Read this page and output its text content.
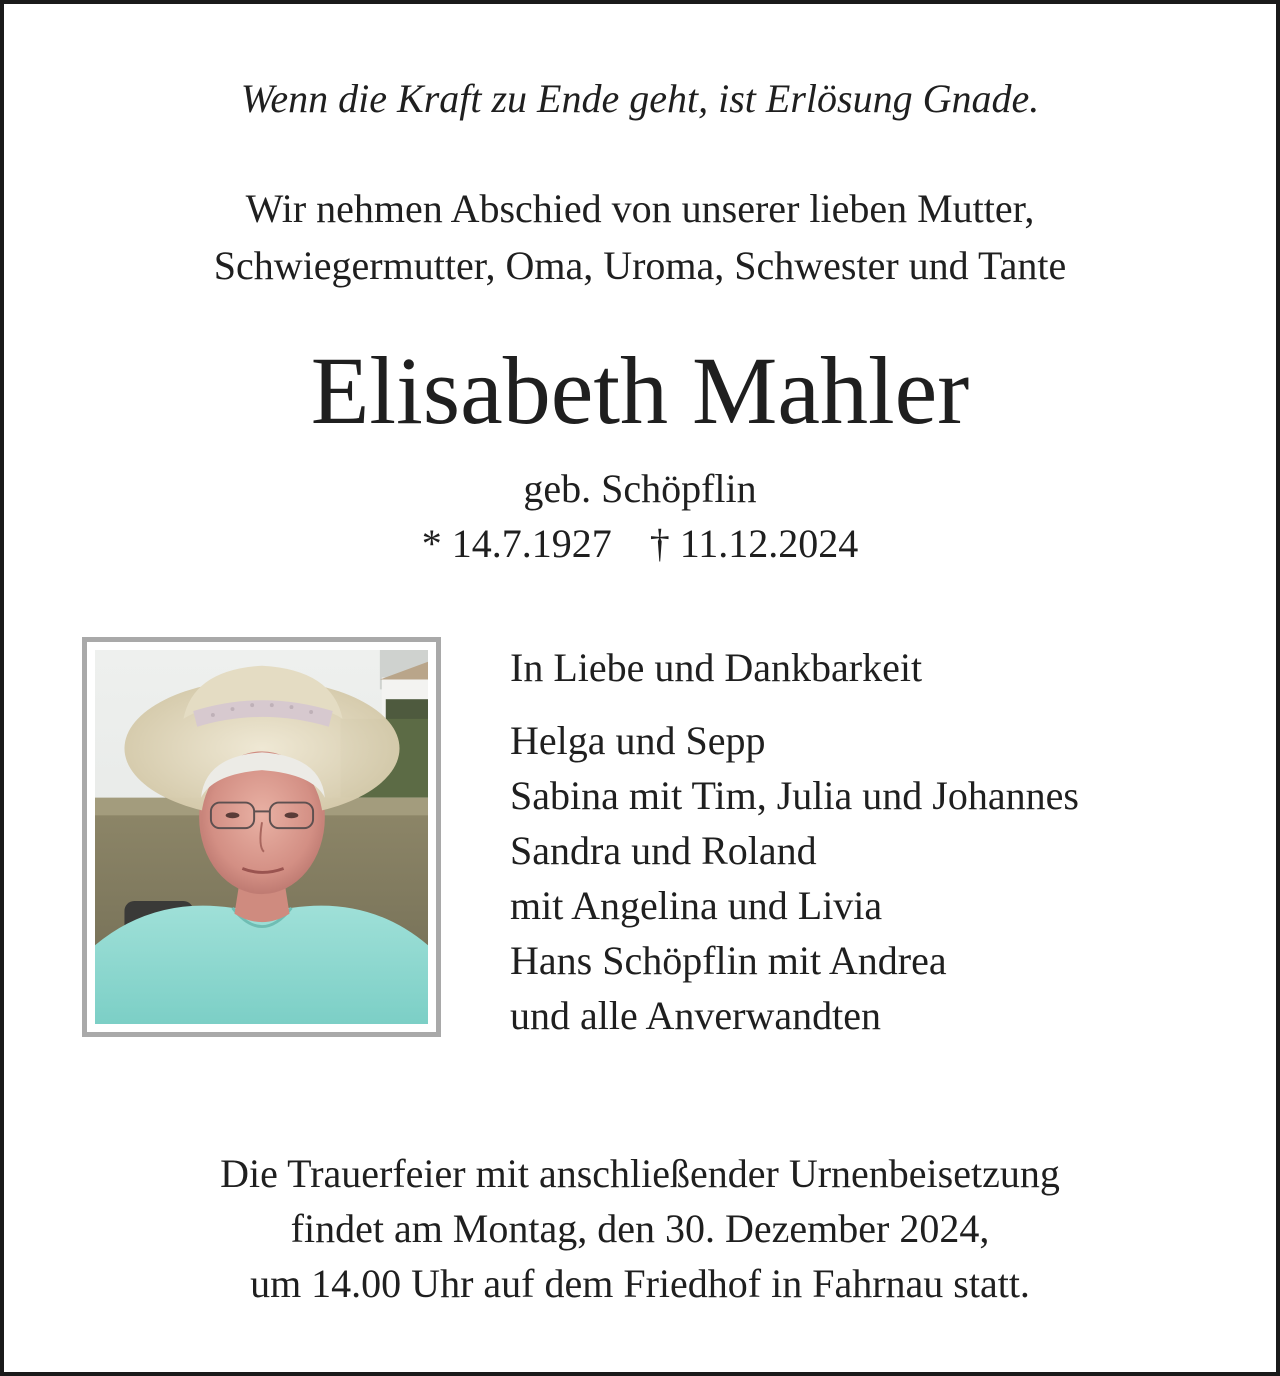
Wenn die Kraft zu Ende geht, ist Erlösung Gnade.
Wir nehmen Abschied von unserer lieben Mutter,
Schwiegermutter, Oma, Uroma, Schwester und Tante
Elisabeth Mahler
geb. Schöpflin
* 14.7.1927 † 11.12.2024
In Liebe und Dankbarkeit
Helga und Sepp
Sabina mit Tim, Julia und Johannes
Sandra und Roland
mit Angelina und Livia
Hans Schöpflin mit Andrea
und alle Anverwandten
Die Trauerfeier mit anschließender Urnenbeisetzung
findet am Montag, den 30. Dezember 2024,
um 14.00 Uhr auf dem Friedhof in Fahrnau statt.
